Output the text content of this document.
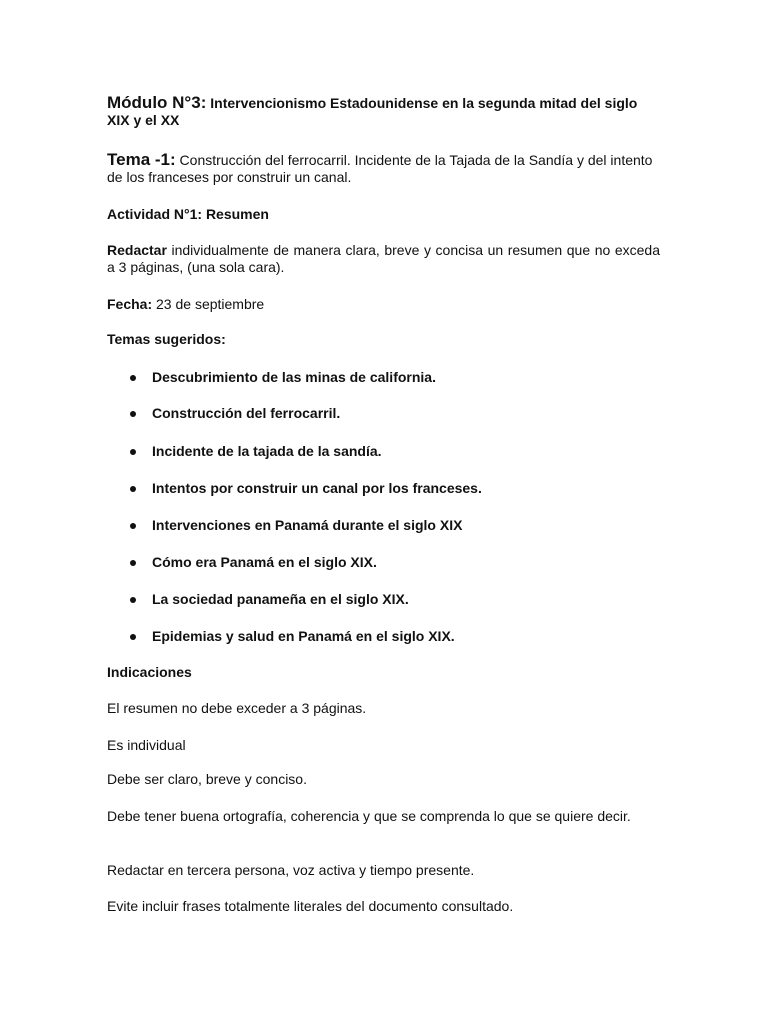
Módulo N°3: Intervencionismo Estadounidense en la segunda mitad del siglo XIX y el XX
Tema -1: Construcción del ferrocarril. Incidente de la Tajada de la Sandía y del intento de los franceses por construir un canal.
Actividad N°1: Resumen
Redactar individualmente de manera clara, breve y concisa un resumen que no exceda a 3 páginas, (una sola cara).
Fecha: 23 de septiembre
Temas sugeridos:
Descubrimiento de las minas de california.
Construcción del ferrocarril.
Incidente de la tajada de la sandía.
Intentos por construir un canal por los franceses.
Intervenciones en Panamá durante el siglo XIX
Cómo era Panamá en el siglo XIX.
La sociedad panameña en el siglo XIX.
Epidemias y salud en Panamá en el siglo XIX.
Indicaciones
El resumen no debe exceder a 3 páginas.
Es individual
Debe ser claro, breve y conciso.
Debe tener buena ortografía, coherencia y que se comprenda lo que se quiere decir.
Redactar en tercera persona, voz activa y tiempo presente.
Evite incluir frases totalmente literales del documento consultado.
